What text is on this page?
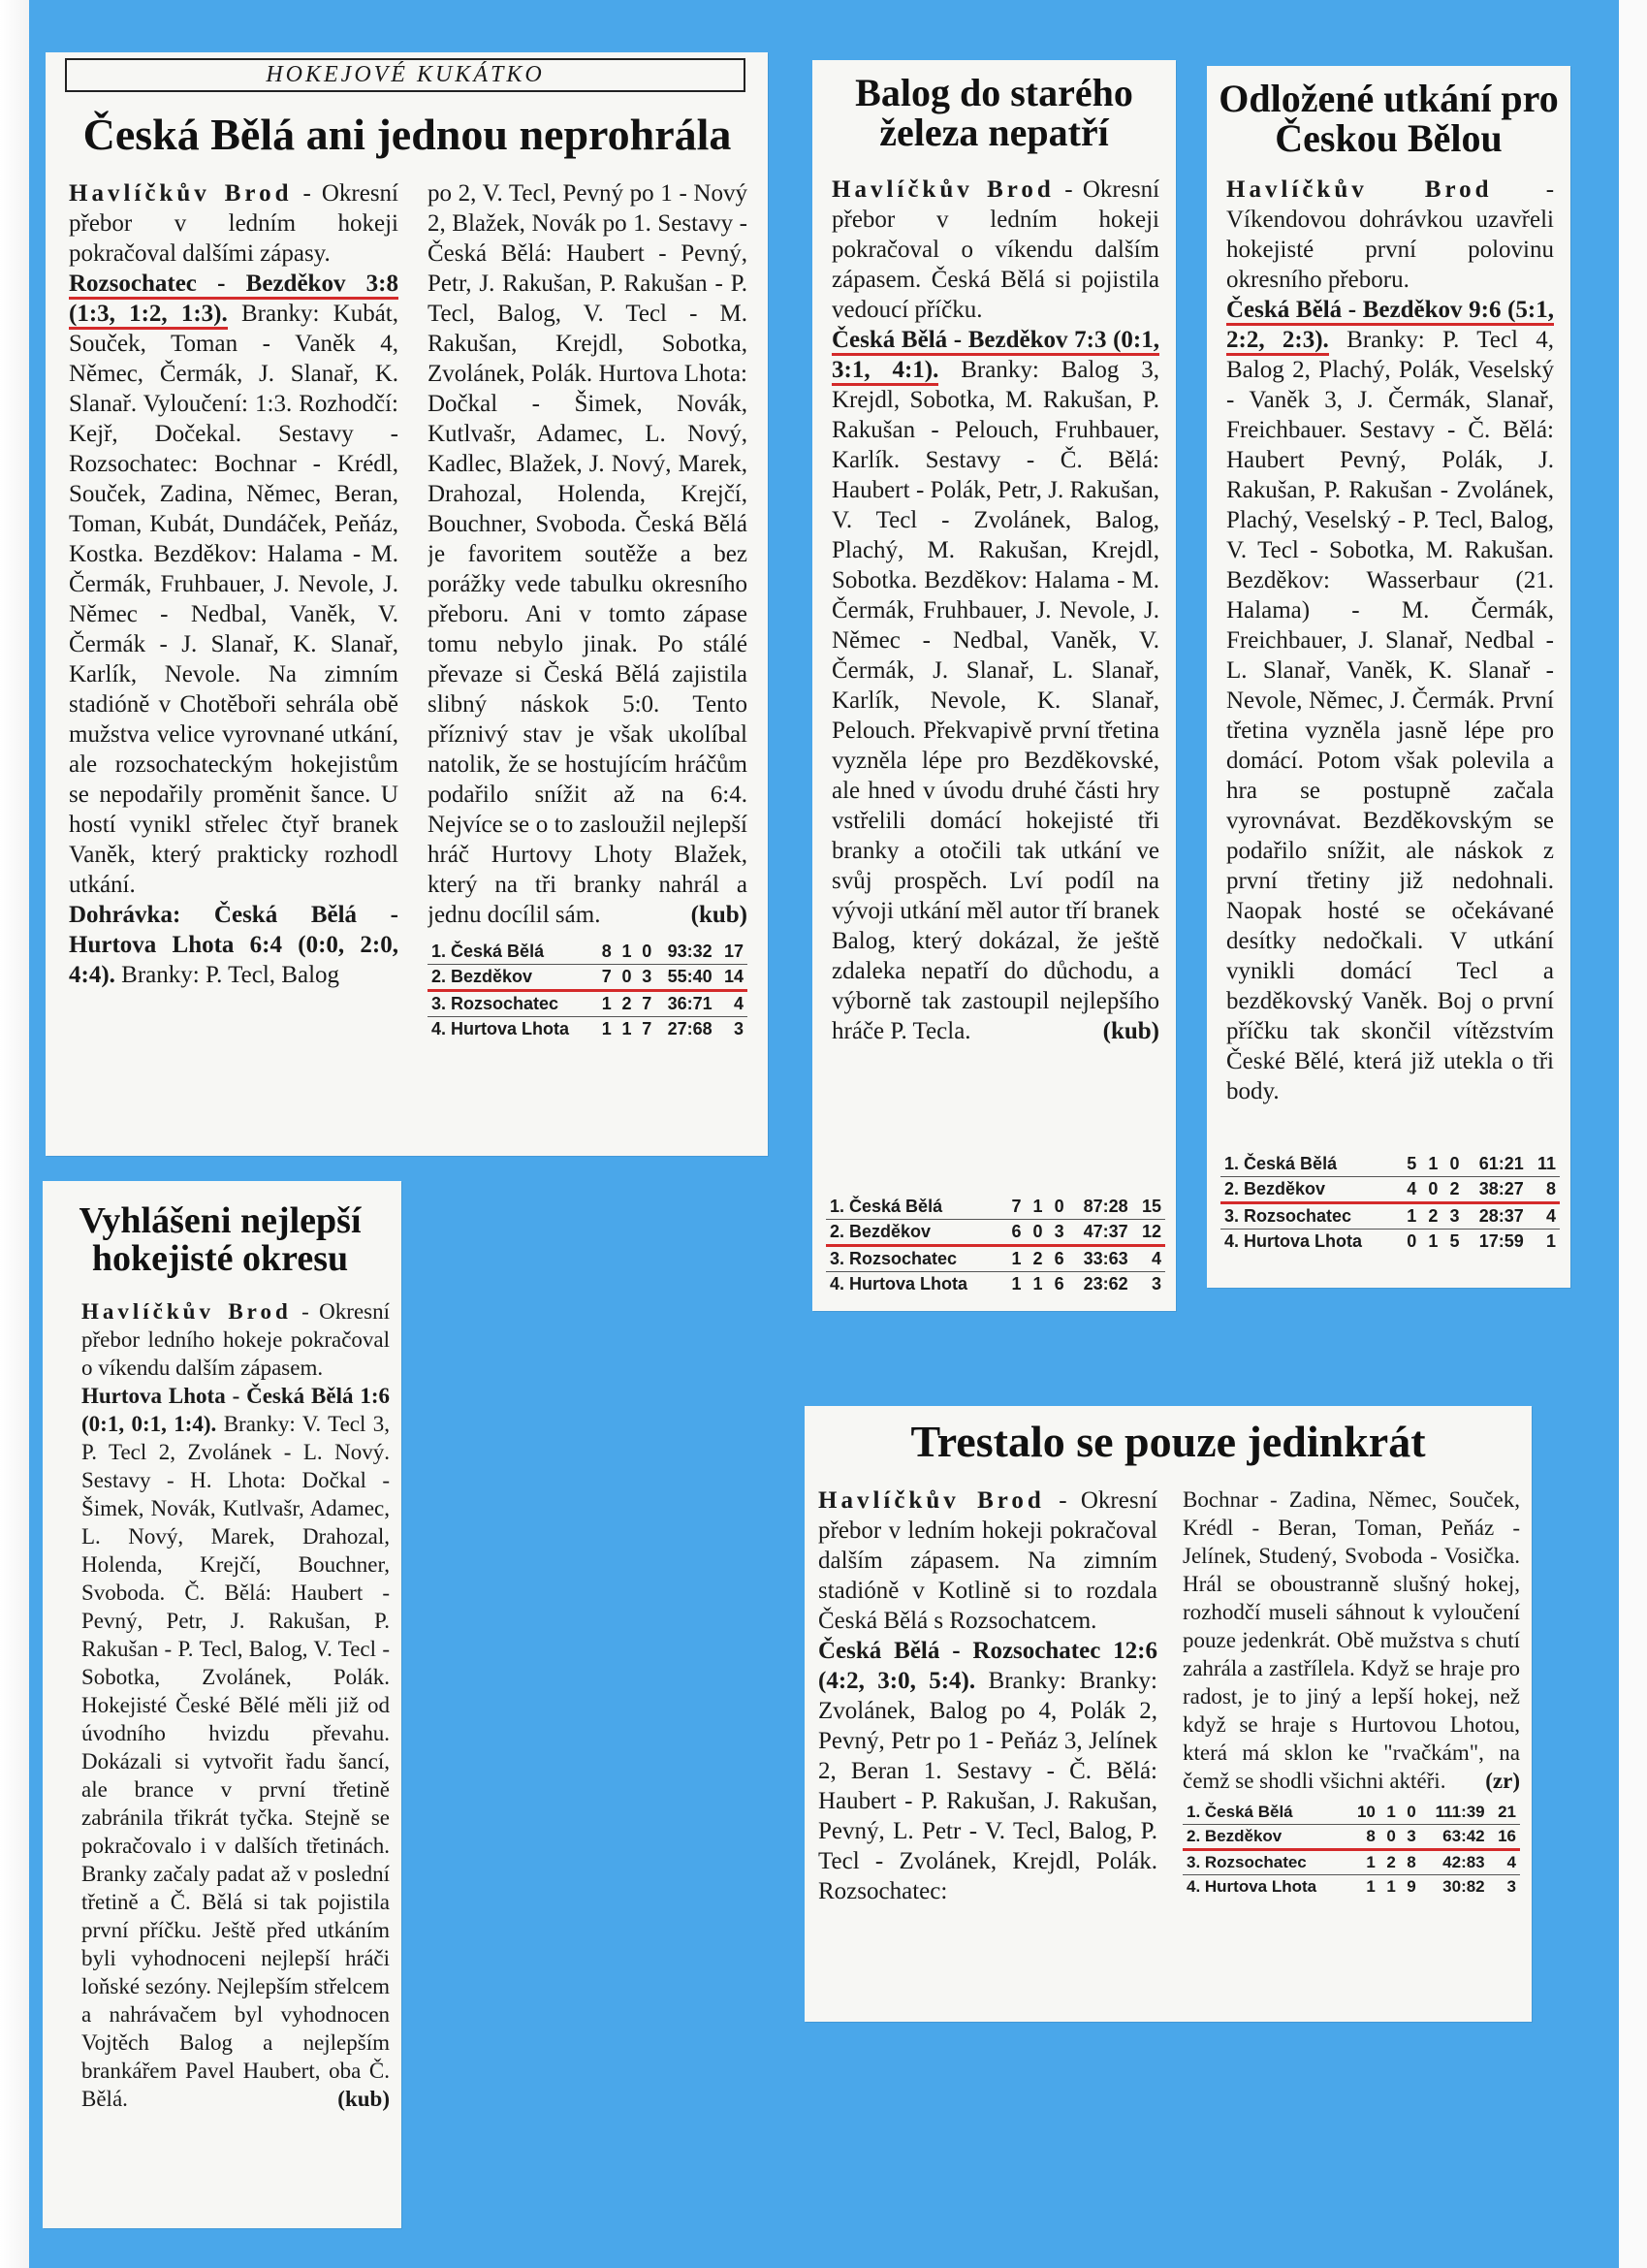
HOKEJOVÉ KUKÁTKO
Česká Bělá ani jednou neprohrála

Havlíčkův Brod - Okresní přebor v ledním hokeji pokračoval dalšími zápasy.

Rozsochatec - Bezděkov 3:8 (1:3, 1:2, 1:3). Branky: Kubát, Souček, Toman - Vaněk 4, Němec, Čermák, J. Slanař, K. Slanař. Vyloučení: 1:3. Rozhodčí: Kejř, Dočekal. Sestavy - Rozsochatec: Bochnar - Krédl, Souček, Zadina, Němec, Beran, Toman, Kubát, Dundáček, Peňáz, Kostka. Bezděkov: Halama - M. Čermák, Fruhbauer, J. Nevole, J. Němec - Nedbal, Vaněk, V. Čermák - J. Slanař, K. Slanař, Karlík, Nevole. Na zimním stadióně v Chotěboři sehrála obě mužstva velice vyrovnané utkání, ale rozsochateckým hokejistům se nepodařily proměnit šance. U hostí vynikl střelec čtyř branek Vaněk, který prakticky rozhodl utkání.

Dohrávka: Česká Bělá - Hurtova Lhota 6:4 (0:0, 2:0, 4:4). Branky: P. Tecl, Balog

po 2, V. Tecl, Pevný po 1 - Nový 2, Blažek, Novák po 1. Sestavy - Česká Bělá: Haubert - Pevný, Petr, J. Rakušan, P. Rakušan - P. Tecl, Balog, V. Tecl - M. Rakušan, Krejdl, Sobotka, Zvolánek, Polák. Hurtova Lhota: Dočkal - Šimek, Novák, Kutlvašr, Adamec, L. Nový, Kadlec, Blažek, J. Nový, Marek, Drahozal, Holenda, Krejčí, Bouchner, Svoboda. Česká Bělá je favoritem soutěže a bez porážky vede tabulku okresního přeboru. Ani v tomto zápase tomu nebylo jinak. Po stálé převaze si Česká Bělá zajistila slibný náskok 5:0. Tento příznivý stav je však ukolíbal natolik, že se hostujícím hráčům podařilo snížit až na 6:4. Nejvíce se o to zasloužil nejlepší hráč Hurtovy Lhoty Blažek, který na tři branky nahrál a jednu docílil sám.	(kub)

1. Česká Bělá	8	1	0	93:32	17
2. Bezděkov	7	0	3	55:40	14
3. Rozsochatec	1	2	7	36:71	4
4. Hurtova Lhota	1	1	7	27:68	3
Balog do starého železa nepatří

Havlíčkův Brod - Okresní přebor v ledním hokeji pokračoval o víkendu dalším zápasem. Česká Bělá si pojistila vedoucí příčku.

Česká Bělá - Bezděkov 7:3 (0:1, 3:1, 4:1). Branky: Balog 3, Krejdl, Sobotka, M. Rakušan, P. Rakušan - Pelouch, Fruhbauer, Karlík. Sestavy - Č. Bělá: Haubert - Polák, Petr, J. Rakušan, V. Tecl - Zvolánek, Balog, Plachý, M. Rakušan, Krejdl, Sobotka. Bezděkov: Halama - M. Čermák, Fruhbauer, J. Nevole, J. Němec - Nedbal, Vaněk, V. Čermák, J. Slanař, L. Slanař, Karlík, Nevole, K. Slanař, Pelouch. Překvapivě první třetina vyzněla lépe pro Bezděkovské, ale hned v úvodu druhé části hry vstřelili domácí hokejisté tři branky a otočili tak utkání ve svůj prospěch. Lví podíl na vývoji utkání měl autor tří branek Balog, který dokázal, že ještě zdaleka nepatří do důchodu, a výborně tak zastoupil nejlepšího hráče P. Tecla.	(kub)

1. Česká Bělá	7	1	0	87:28	15
2. Bezděkov	6	0	3	47:37	12
3. Rozsochatec	1	2	6	33:63	4
4. Hurtova Lhota	1	1	6	23:62	3
Odložené utkání pro Českou Bělou

Havlíčkův Brod - Víkendovou dohrávkou uzavřeli hokejisté první polovinu okresního přeboru.

Česká Bělá - Bezděkov 9:6 (5:1, 2:2, 2:3). Branky: P. Tecl 4, Balog 2, Plachý, Polák, Veselský - Vaněk 3, J. Čermák, Slanař, Freichbauer. Sestavy - Č. Bělá: Haubert Pevný, Polák, J. Rakušan, P. Rakušan - Zvolánek, Plachý, Veselský - P. Tecl, Balog, V. Tecl - Sobotka, M. Rakušan. Bezděkov: Wasserbaur (21. Halama) - M. Čermák, Freichbauer, J. Slanař, Nedbal - L. Slanař, Vaněk, K. Slanař - Nevole, Němec, J. Čermák. První třetina vyzněla jasně lépe pro domácí. Potom však polevila a hra se postupně začala vyrovnávat. Bezděkovským se podařilo snížit, ale náskok z první třetiny již nedohnali. Naopak hosté se očekávané desítky nedočkali. V utkání vynikli domácí Tecl a bezděkovský Vaněk. Boj o první příčku tak skončil vítězstvím České Bělé, která již utekla o tři body.

1. Česká Bělá	5	1	0	61:21	11
2. Bezděkov	4	0	2	38:27	8
3. Rozsochatec	1	2	3	28:37	4
4. Hurtova Lhota	0	1	5	17:59	1
Vyhlášeni nejlepší hokejisté okresu

Havlíčkův Brod - Okresní přebor ledního hokeje pokračoval o víkendu dalším zápasem.

Hurtova Lhota - Česká Bělá 1:6 (0:1, 0:1, 1:4). Branky: V. Tecl 3, P. Tecl 2, Zvolánek - L. Nový. Sestavy - H. Lhota: Dočkal - Šimek, Novák, Kutlvašr, Adamec, L. Nový, Marek, Drahozal, Holenda, Krejčí, Bouchner, Svoboda. Č. Bělá: Haubert - Pevný, Petr, J. Rakušan, P. Rakušan - P. Tecl, Balog, V. Tecl - Sobotka, Zvolánek, Polák. Hokejisté České Bělé měli již od úvodního hvizdu převahu. Dokázali si vytvořit řadu šancí, ale brance v první třetině zabránila třikrát tyčka. Stejně se pokračovalo i v dalších třetinách. Branky začaly padat až v poslední třetině a Č. Bělá si tak pojistila první příčku. Ještě před utkáním byli vyhodnoceni nejlepší hráči loňské sezóny. Nejlepším střelcem a nahrávačem byl vyhodnocen Vojtěch Balog a nejlepším brankářem Pavel Haubert, oba Č. Bělá.	(kub)

Trestalo se pouze jedinkrát

Havlíčkův Brod - Okresní přebor v ledním hokeji pokračoval dalším zápasem. Na zimním stadióně v Kotlině si to rozdala Česká Bělá s Rozsochatcem.

Česká Bělá - Rozsochatec 12:6 (4:2, 3:0, 5:4). Branky: Branky: Zvolánek, Balog po 4, Polák 2, Pevný, Petr po 1 - Peňáz 3, Jelínek 2, Beran 1. Sestavy - Č. Bělá: Haubert - P. Rakušan, J. Rakušan, Pevný, L. Petr - V. Tecl, Balog, P. Tecl - Zvolánek, Krejdl, Polák. Rozsochatec:

Bochnar - Zadina, Němec, Souček, Krédl - Beran, Toman, Peňáz - Jelínek, Studený, Svoboda - Vosička. Hrál se oboustranně slušný hokej, rozhodčí museli sáhnout k vyloučení pouze jedenkrát. Obě mužstva s chutí zahrála a zastřílela. Když se hraje pro radost, je to jiný a lepší hokej, než když se hraje s Hurtovou Lhotou, která má sklon ke "rvačkám", na čemž se shodli všichni aktéři. (zr)

1. Česká Bělá	10	1	0	111:39	21
2. Bezděkov	8	0	3	63:42	16
3. Rozsochatec	1	2	8	42:83	4
4. Hurtova Lhota	1	1	9	30:82	3
